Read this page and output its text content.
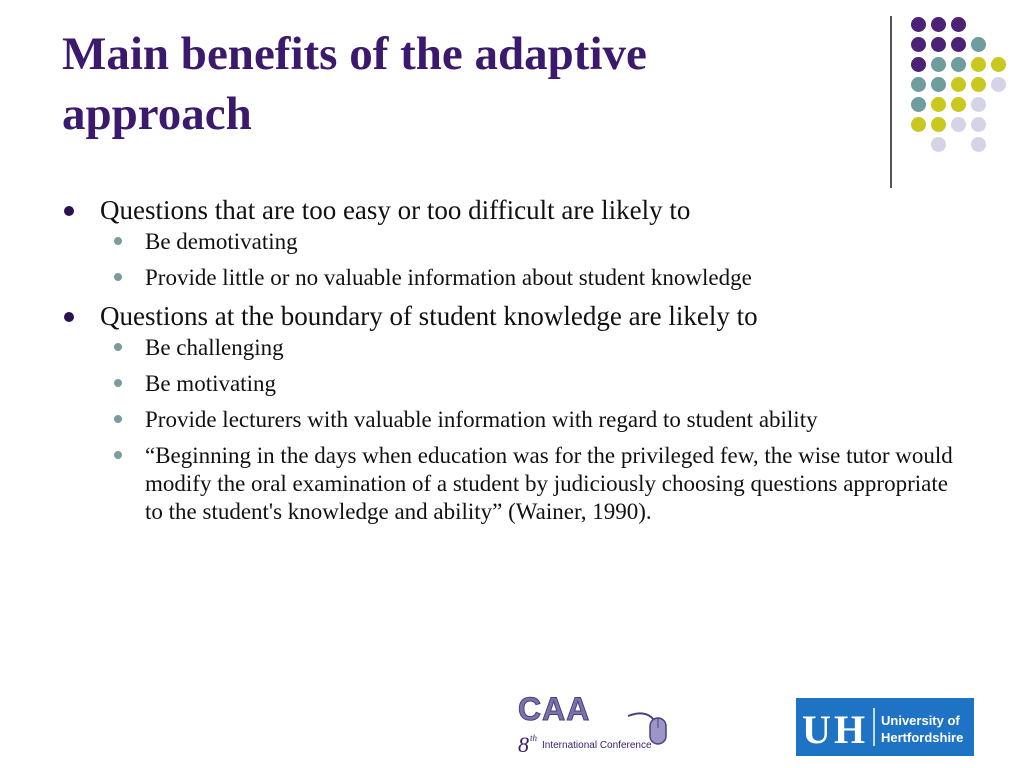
Main benefits of the adaptive
approach
Questions that are too easy or too difficult are likely to
Be demotivating
Provide little or no valuable information about student knowledge
Questions at the boundary of student knowledge are likely to
Be challenging
Be motivating
Provide lecturers with valuable information with regard to student ability
“Beginning in the days when education was for the privileged few, the wise tutor would modify the oral examination of a student by judiciously choosing questions appropriate to the student's knowledge and ability” (Wainer, 1990).
CAA
8 th
International Conference	U H University of
Hertfordshire
